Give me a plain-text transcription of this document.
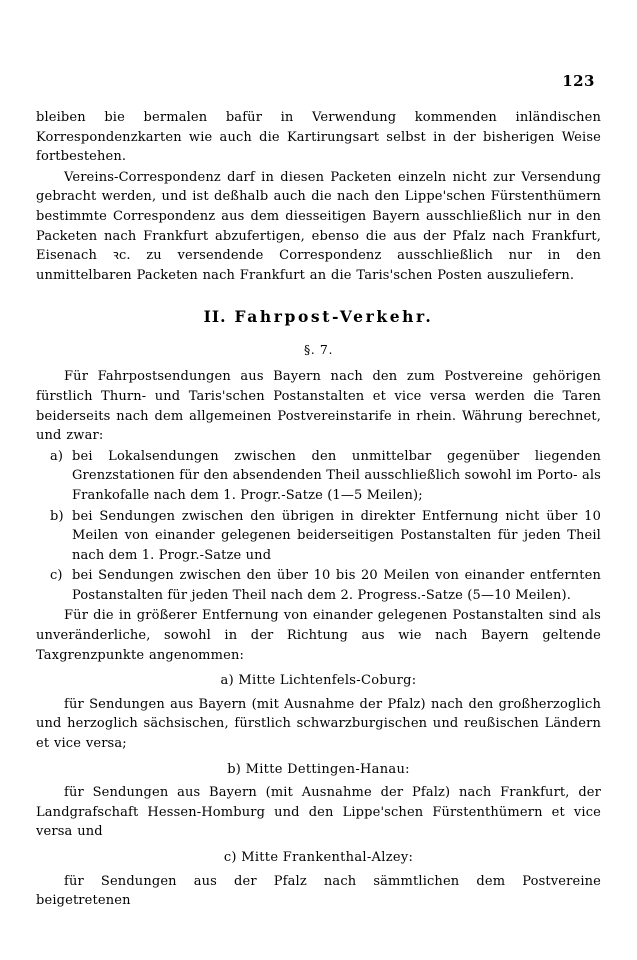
123

bleiben bie bermalen bafür in Verwendung kommenden inländischen Korrespondenzkarten wie auch die Kartirungsart selbst in der bisherigen Weise fortbestehen.

Vereins-Correspondenz darf in diesen Packeten einzeln nicht zur Versendung gebracht werden, und ist deßhalb auch die nach den Lippe'schen Fürstenthümern bestimmte Correspondenz aus dem diesseitigen Bayern ausschließlich nur in den Packeten nach Frankfurt abzufertigen, ebenso die aus der Pfalz nach Frankfurt, Eisenach ꝛc. zu versendende Correspondenz ausschließlich nur in den unmittelbaren Packeten nach Frankfurt an die Taris'schen Posten auszuliefern.

II. Fahrpost-Verkehr.
§. 7.

Für Fahrpostsendungen aus Bayern nach den zum Postvereine gehörigen fürstlich Thurn- und Taris'schen Postanstalten et vice versa werden die Taren beiderseits nach dem allgemeinen Postvereinstarife in rhein. Währung berechnet, und zwar:

a) bei Lokalsendungen zwischen den unmittelbar gegenüber liegenden Grenzstationen für den absendenden Theil ausschließlich sowohl im Porto- als Frankofalle nach dem 1. Progr.-Satze (1—5 Meilen);
b) bei Sendungen zwischen den übrigen in direkter Entfernung nicht über 10 Meilen von einander gelegenen beiderseitigen Postanstalten für jeden Theil nach dem 1. Progr.-Satze und
c) bei Sendungen zwischen den über 10 bis 20 Meilen von einander entfernten Postanstalten für jeden Theil nach dem 2. Progress.-Satze (5—10 Meilen).

Für die in größerer Entfernung von einander gelegenen Postanstalten sind als unveränderliche, sowohl in der Richtung aus wie nach Bayern geltende Taxgrenzpunkte angenommen:

a) Mitte Lichtenfels-Coburg:

für Sendungen aus Bayern (mit Ausnahme der Pfalz) nach den großherzoglich und herzoglich sächsischen, fürstlich schwarzburgischen und reußischen Ländern et vice versa;

b) Mitte Dettingen-Hanau:

für Sendungen aus Bayern (mit Ausnahme der Pfalz) nach Frankfurt, der Landgrafschaft Hessen-Homburg und den Lippe'schen Fürstenthümern et vice versa und

c) Mitte Frankenthal-Alzey:

für Sendungen aus der Pfalz nach sämmtlichen dem Postvereine beigetretenen
